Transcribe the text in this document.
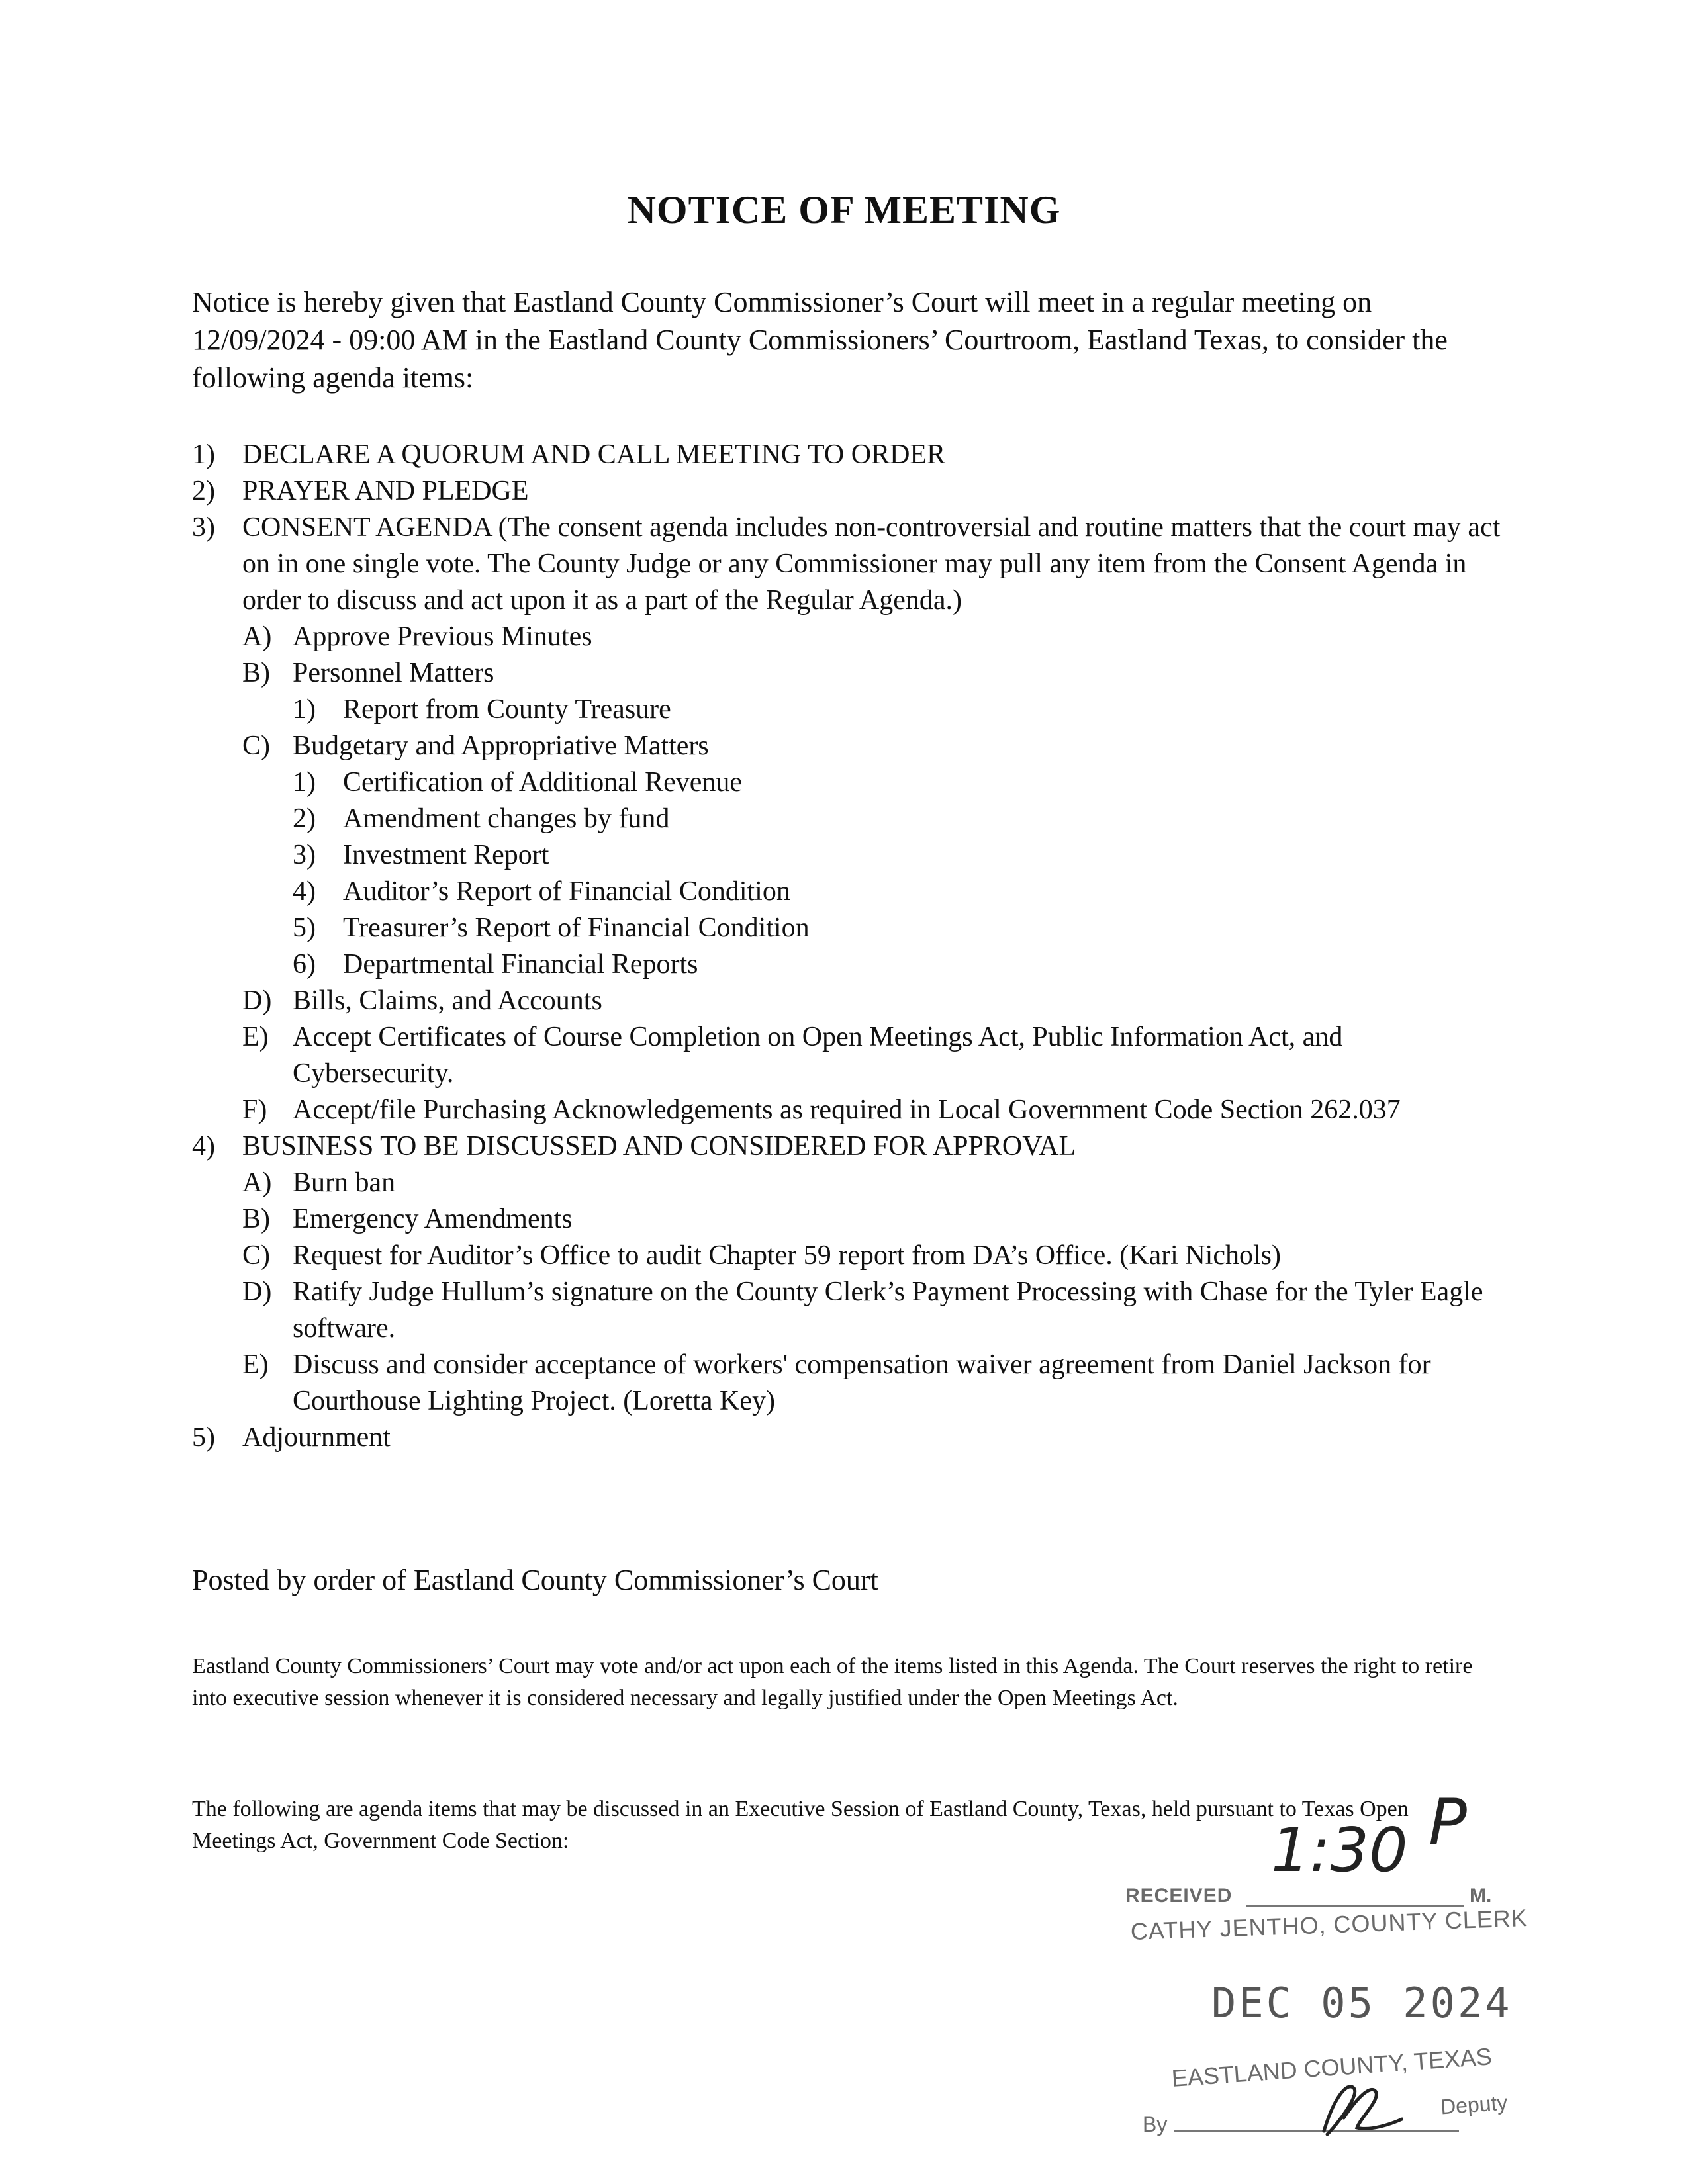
NOTICE OF MEETING
Notice is hereby given that Eastland County Commissioner’s Court will meet in a regular meeting on 12/09/2024 - 09:00 AM in the Eastland County Commissioners’ Courtroom, Eastland Texas, to consider the following agenda items:
1) DECLARE A QUORUM AND CALL MEETING TO ORDER
2) PRAYER AND PLEDGE
3) CONSENT AGENDA (The consent agenda includes non-controversial and routine matters that the court may act on in one single vote. The County Judge or any Commissioner may pull any item from the Consent Agenda in order to discuss and act upon it as a part of the Regular Agenda.)
A) Approve Previous Minutes
B) Personnel Matters
1) Report from County Treasure
C) Budgetary and Appropriative Matters
1) Certification of Additional Revenue
2) Amendment changes by fund
3) Investment Report
4) Auditor’s Report of Financial Condition
5) Treasurer’s Report of Financial Condition
6) Departmental Financial Reports
D) Bills, Claims, and Accounts
E) Accept Certificates of Course Completion on Open Meetings Act, Public Information Act, and Cybersecurity.
F) Accept/file Purchasing Acknowledgements as required in Local Government Code Section 262.037
4) BUSINESS TO BE DISCUSSED AND CONSIDERED FOR APPROVAL
A) Burn ban
B) Emergency Amendments
C) Request for Auditor’s Office to audit Chapter 59 report from DA’s Office. (Kari Nichols)
D) Ratify Judge Hullum’s signature on the County Clerk’s Payment Processing with Chase for the Tyler Eagle software.
E) Discuss and consider acceptance of workers' compensation waiver agreement from Daniel Jackson for Courthouse Lighting Project. (Loretta Key)
5) Adjournment
Posted by order of Eastland County Commissioner’s Court
Eastland County Commissioners’ Court may vote and/or act upon each of the items listed in this Agenda. The Court reserves the right to retire into executive session whenever it is considered necessary and legally justified under the Open Meetings Act.
The following are agenda items that may be discussed in an Executive Session of Eastland County, Texas, held pursuant to Texas Open Meetings Act, Government Code Section:	P
1:30
RECEIVED	M.
CATHY JENTHO, COUNTY CLERK
DEC 05 2024
EASTLAND COUNTY, TEXAS
By
Deputy
